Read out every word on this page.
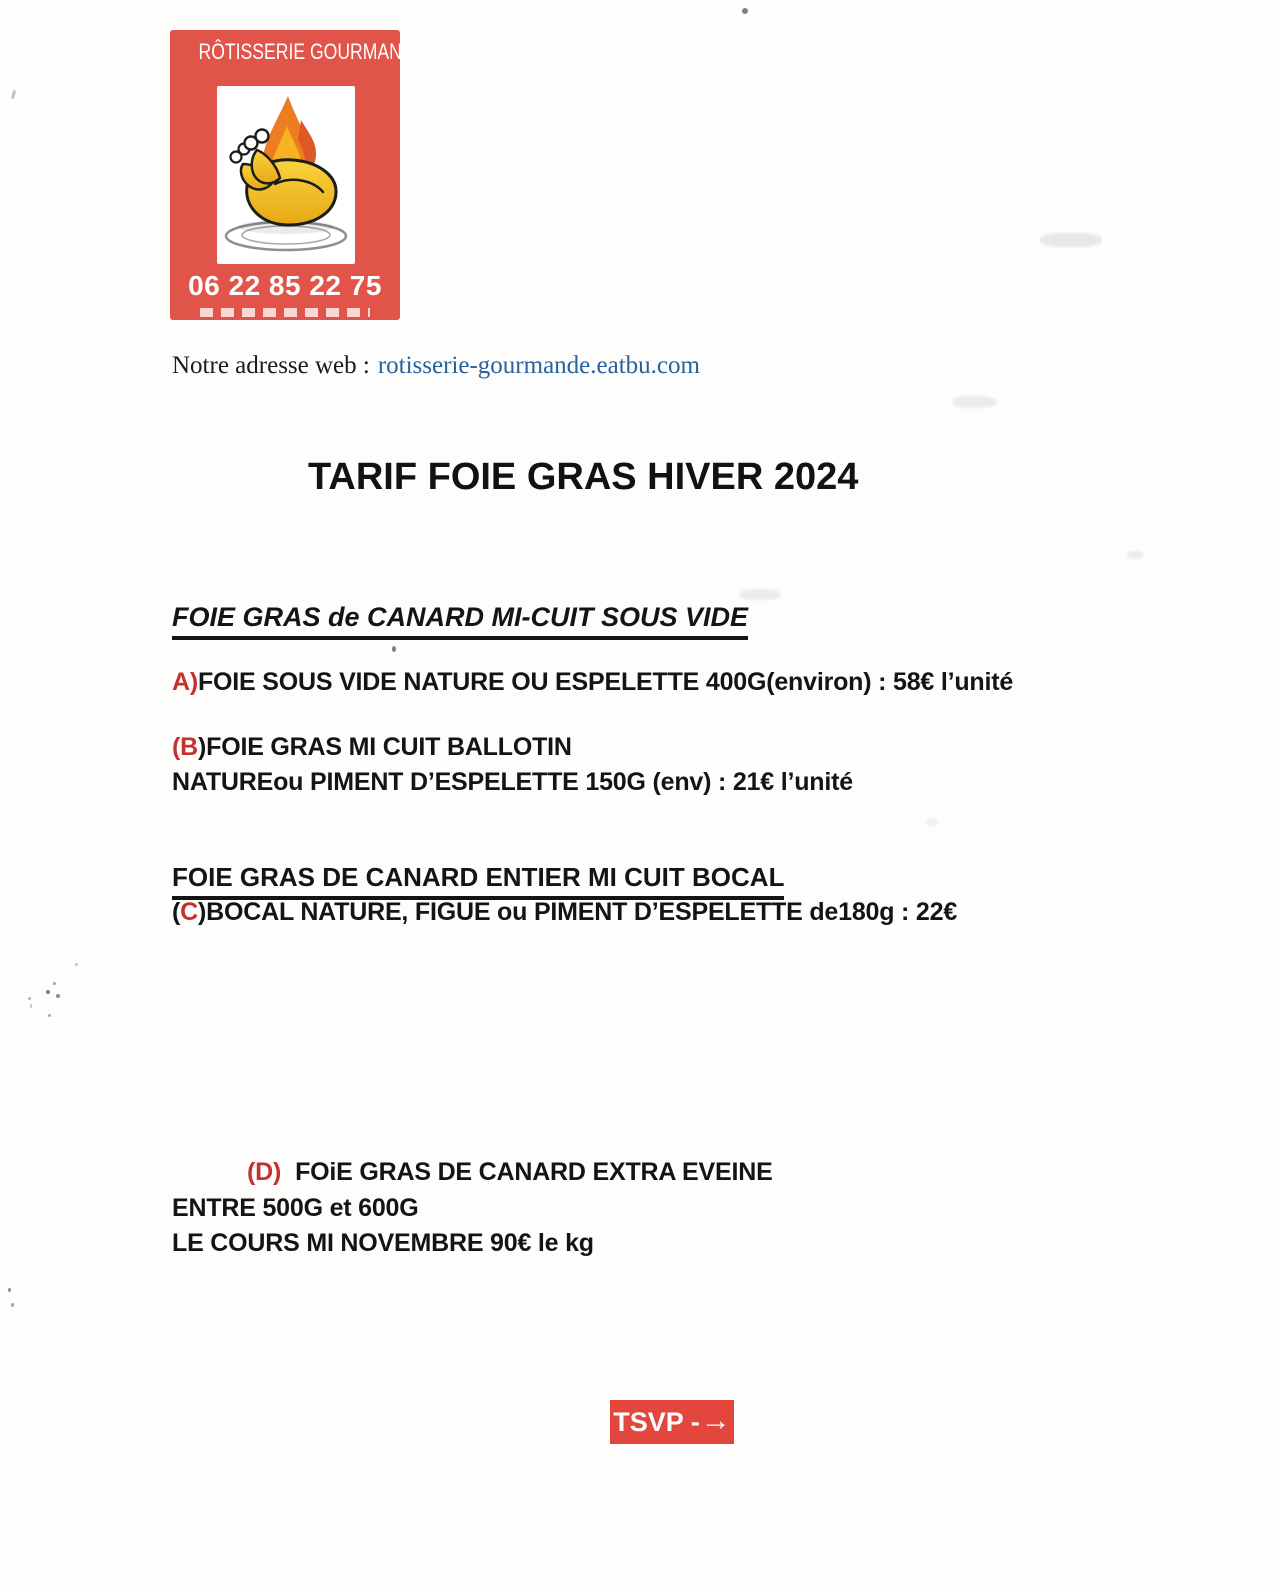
RÔTISSERIE GOURMANDE
06 22 85 22 75
Notre adresse web : rotisserie-gourmande.eatbu.com
TARIF FOIE GRAS HIVER 2024
FOIE GRAS de CANARD MI-CUIT SOUS VIDE
A)FOIE SOUS VIDE NATURE OU ESPELETTE 400G(environ) : 58€ l’unité
(B)FOIE GRAS MI CUIT BALLOTIN
NATUREou PIMENT D’ESPELETTE 150G (env) : 21€ l’unité
FOIE GRAS DE CANARD ENTIER MI CUIT BOCAL
(C)BOCAL NATURE, FIGUE ou PIMENT D’ESPELETTE de180g : 22€
(D) FOiE GRAS DE CANARD EXTRA EVEINE
ENTRE 500G et 600G
LE COURS MI NOVEMBRE 90€ le kg
TSVP - →
